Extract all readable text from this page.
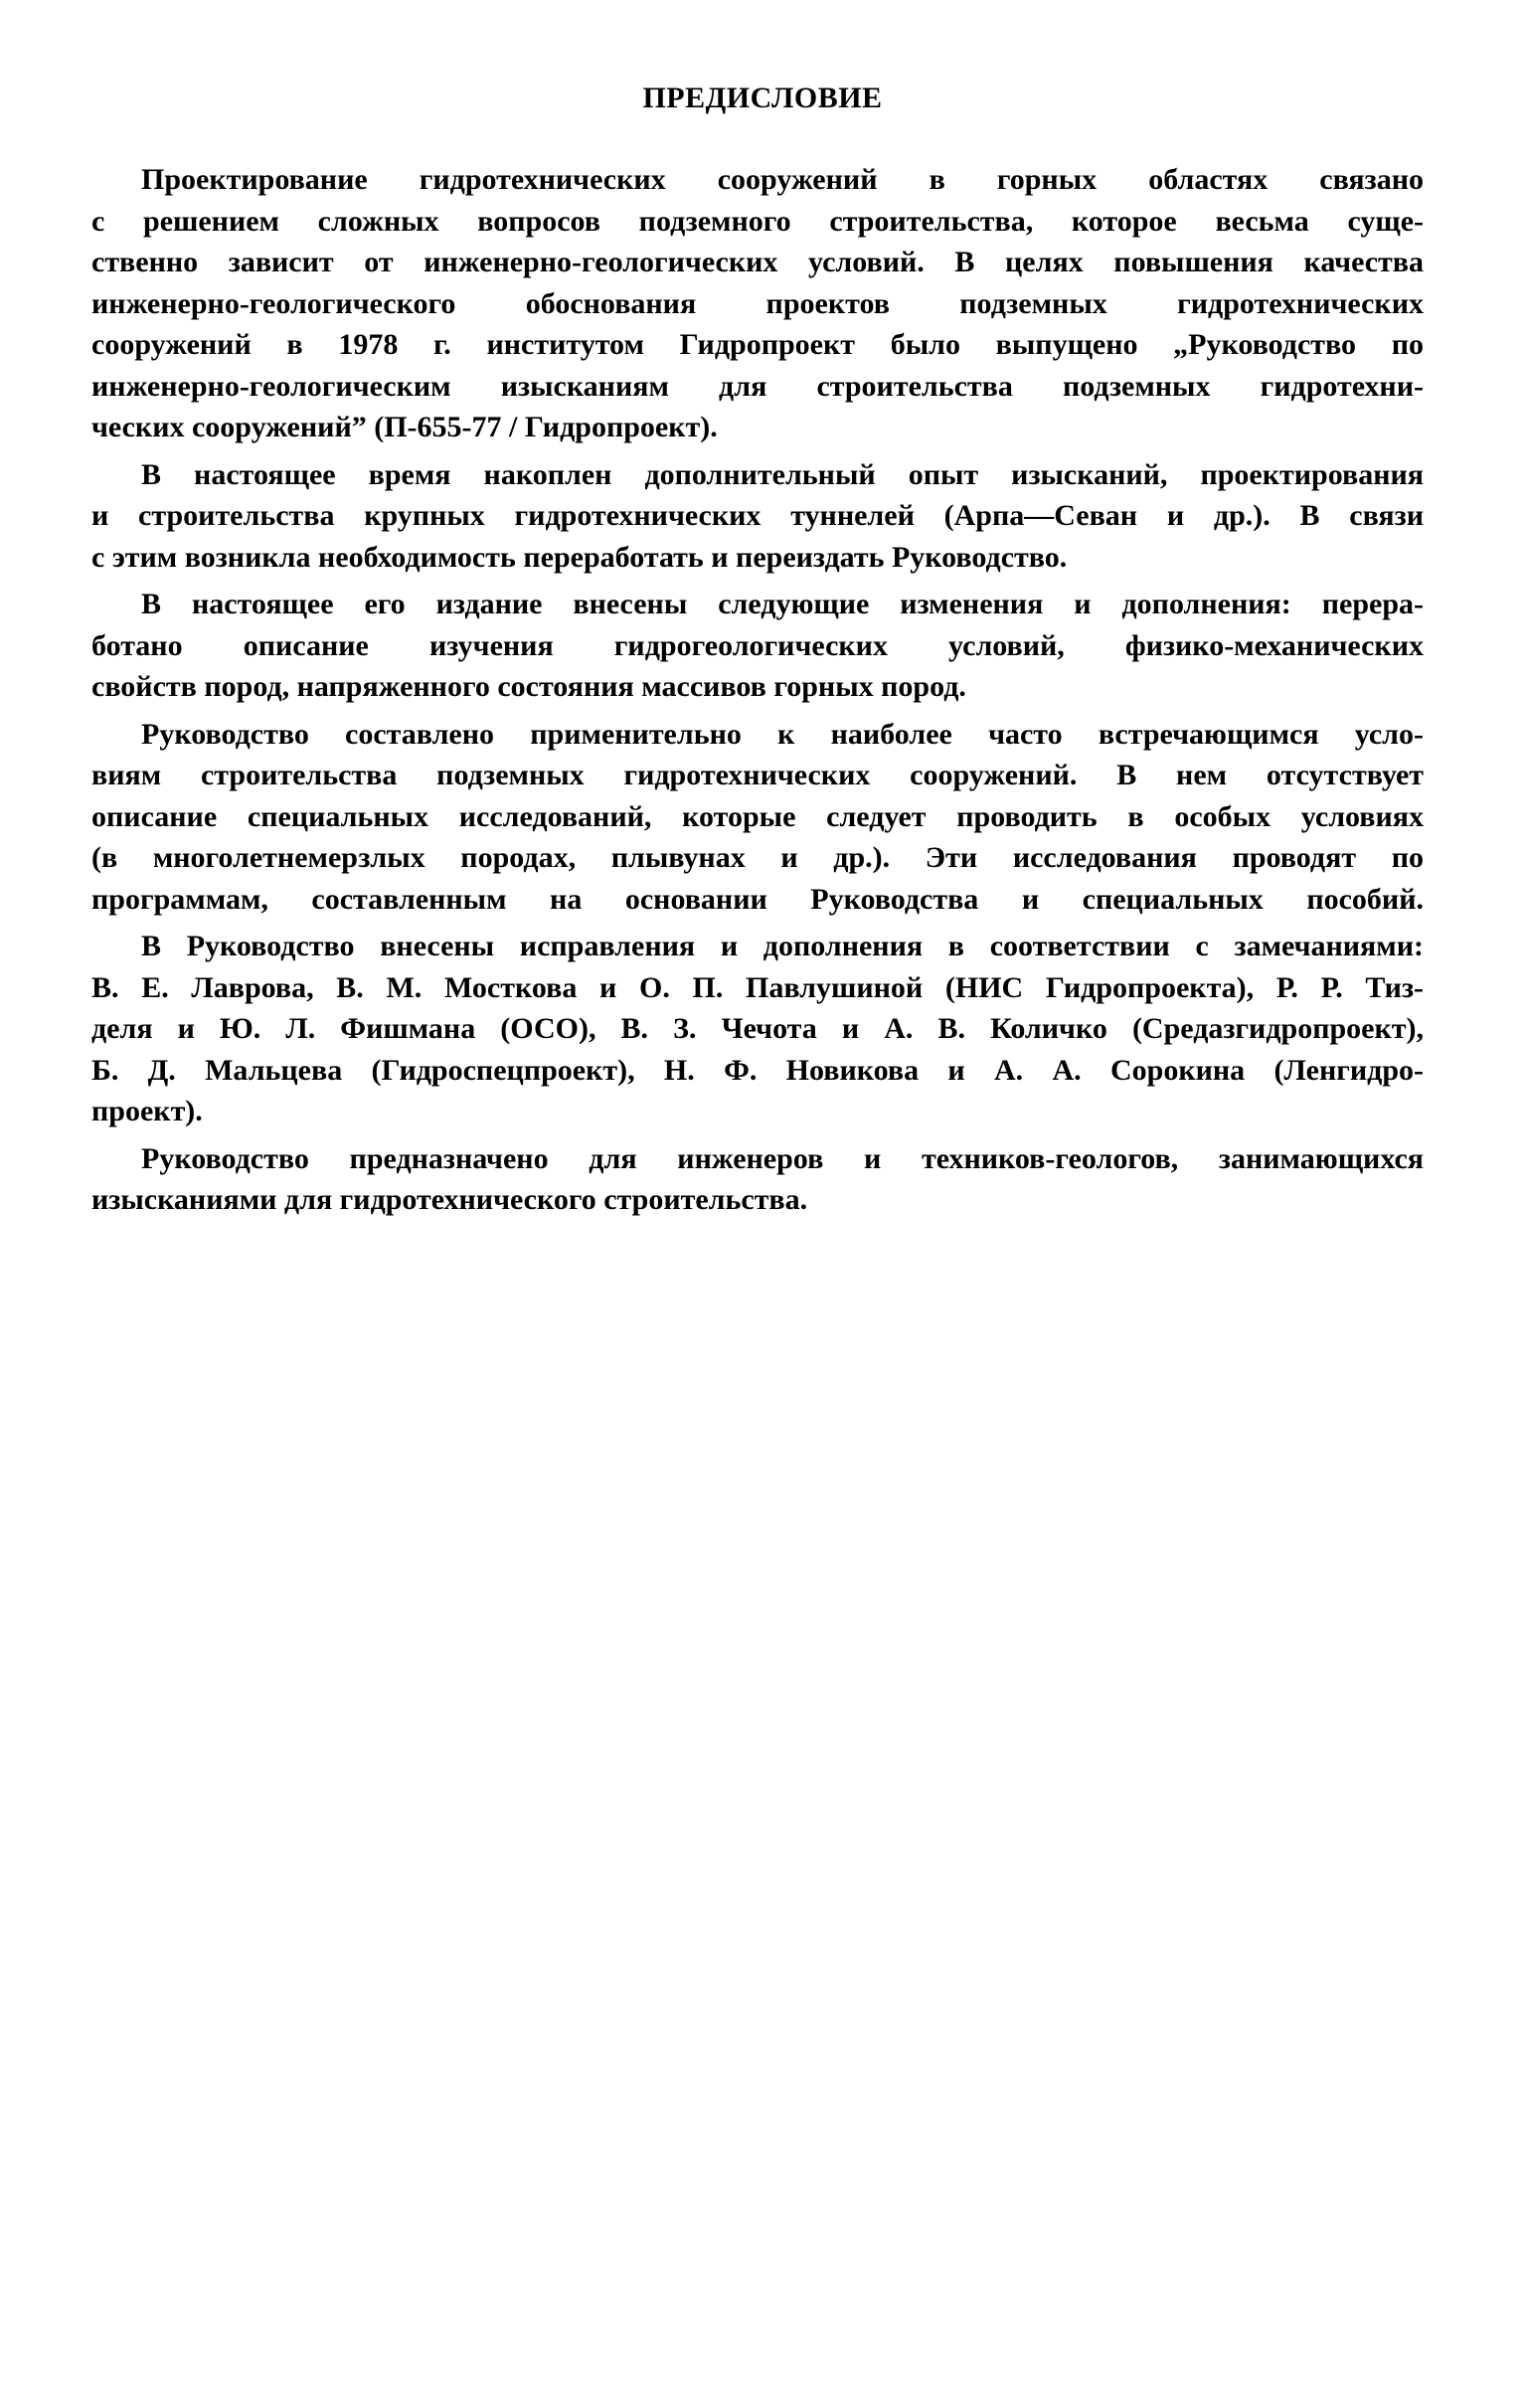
ПРЕДИСЛОВИЕ
Проектирование гидротехнических сооружений в горных областях связано
с решением сложных вопросов подземного строительства, которое весьма суще-
ственно зависит от инженерно-геологических условий. В целях повышения качества
инженерно-геологического обоснования проектов подземных гидротехнических
сооружений в 1978 г. институтом Гидропроект было выпущено „Руководство по
инженерно-геологическим изысканиям для строительства подземных гидротехни-
ческих сооружений” (П-655-77 / Гидропроект).
В настоящее время накоплен дополнительный опыт изысканий, проектирования
и строительства крупных гидротехнических туннелей (Арпа—Севан и др.). В связи
с этим возникла необходимость переработать и переиздать Руководство.
В настоящее его издание внесены следующие изменения и дополнения: перера-
ботано описание изучения гидрогеологических условий, физико-механических
свойств пород, напряженного состояния массивов горных пород.
Руководство составлено применительно к наиболее часто встречающимся усло-
виям строительства подземных гидротехнических сооружений. В нем отсутствует
описание специальных исследований, которые следует проводить в особых условиях
(в многолетнемерзлых породах, плывунах и др.). Эти исследования проводят по
программам, составленным на основании Руководства и специальных пособий.
В Руководство внесены исправления и дополнения в соответствии с замечаниями:
В. Е. Лаврова, В. М. Мосткова и О. П. Павлушиной (НИС Гидропроекта), Р. Р. Тиз-
деля и Ю. Л. Фишмана (ОСО), В. З. Чечота и А. В. Количко (Средазгидропроект),
Б. Д. Мальцева (Гидроспецпроект), Н. Ф. Новикова и А. А. Сорокина (Ленгидро-
проект).
Руководство предназначено для инженеров и техников-геологов, занимающихся
изысканиями для гидротехнического строительства.
